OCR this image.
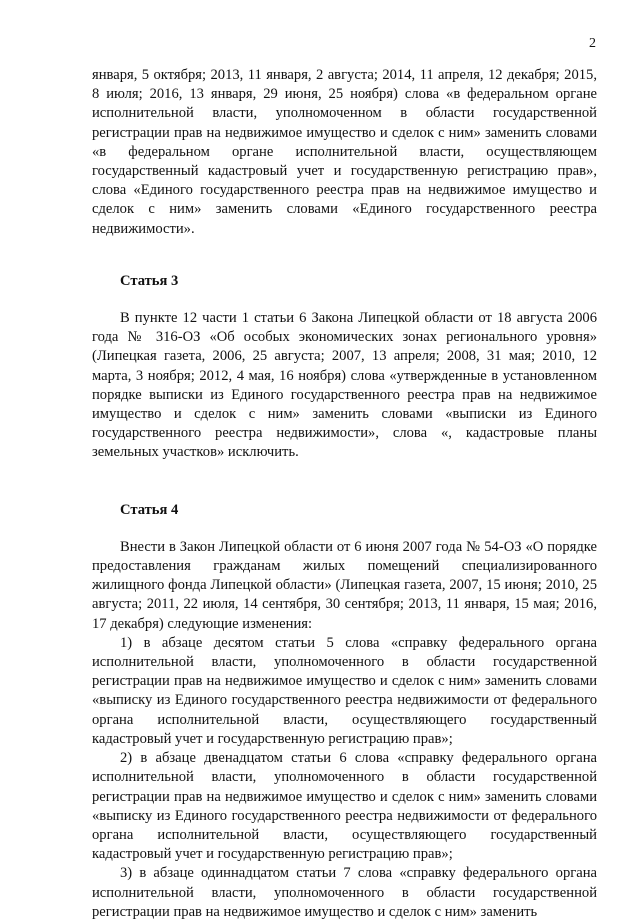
2

января, 5 октября; 2013, 11 января, 2 августа; 2014, 11 апреля, 12 декабря; 2015, 8 июля; 2016, 13 января, 29 июня, 25 ноября) слова «в федеральном органе исполнительной власти, уполномоченном в области государственной регистрации прав на недвижимое имущество и сделок с ним» заменить словами «в федеральном органе исполнительной власти, осуществляющем государственный кадастровый учет и государственную регистрацию прав», слова «Единого государственного реестра прав на недвижимое имущество и сделок с ним» заменить словами «Единого государственного реестра недвижимости».

Статья 3

В пункте 12 части 1 статьи 6 Закона Липецкой области от 18 августа 2006 года № 316-ОЗ «Об особых экономических зонах регионального уровня» (Липецкая газета, 2006, 25 августа; 2007, 13 апреля; 2008, 31 мая; 2010, 12 марта, 3 ноября; 2012, 4 мая, 16 ноября) слова «утвержденные в установленном порядке выписки из Единого государственного реестра прав на недвижимое имущество и сделок с ним» заменить словами «выписки из Единого государственного реестра недвижимости», слова «, кадастровые планы земельных участков» исключить.

Статья 4

Внести в Закон Липецкой области от 6 июня 2007 года № 54-ОЗ «О порядке предоставления гражданам жилых помещений специализированного жилищного фонда Липецкой области» (Липецкая газета, 2007, 15 июня; 2010, 25 августа; 2011, 22 июля, 14 сентября, 30 сентября; 2013, 11 января, 15 мая; 2016, 17 декабря) следующие изменения:

1) в абзаце десятом статьи 5 слова «справку федерального органа исполнительной власти, уполномоченного в области государственной регистрации прав на недвижимое имущество и сделок с ним» заменить словами «выписку из Единого государственного реестра недвижимости от федерального органа исполнительной власти, осуществляющего государственный кадастровый учет и государственную регистрацию прав»;

2) в абзаце двенадцатом статьи 6 слова «справку федерального органа исполнительной власти, уполномоченного в области государственной регистрации прав на недвижимое имущество и сделок с ним» заменить словами «выписку из Единого государственного реестра недвижимости от федерального органа исполнительной власти, осуществляющего государственный кадастровый учет и государственную регистрацию прав»;

3) в абзаце одиннадцатом статьи 7 слова «справку федерального органа исполнительной власти, уполномоченного в области государственной регистрации прав на недвижимое имущество и сделок с ним» заменить
